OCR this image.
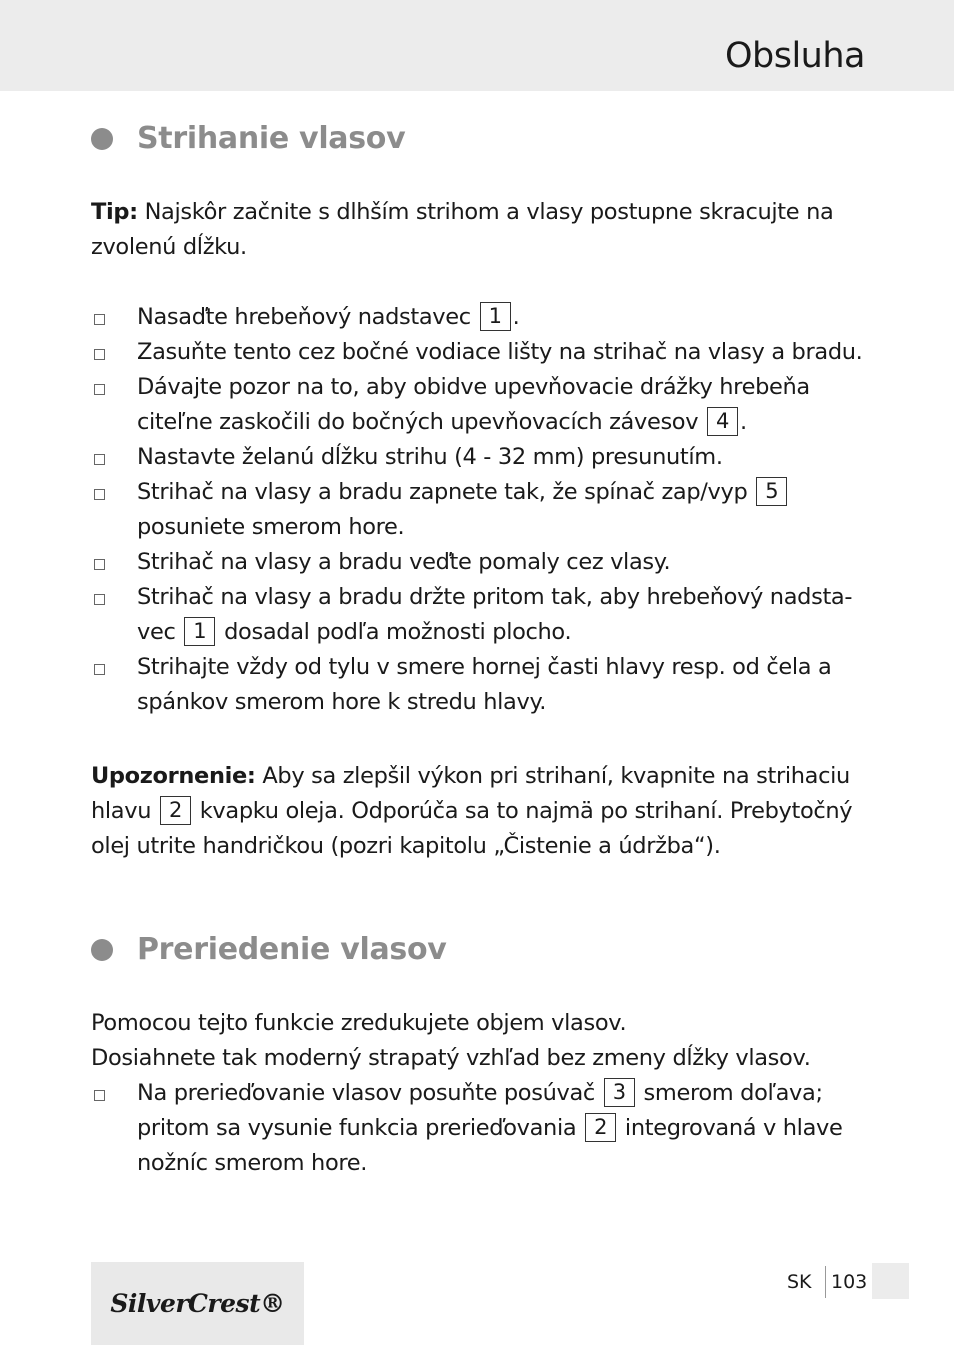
Obsluha
Strihanie vlasov
Tip: Najskôr začnite s dlhším strihom a vlasy postupne skracujte na zvolenú dĺžku.
Nasaďte hrebeňový nadstavec 1 .
Zasuňte tento cez bočné vodiace lišty na strihač na vlasy a bradu.
Dávajte pozor na to, aby obidve upevňovacie drážky hrebeňa citeľne zaskočili do bočných upevňovacích závesov 4 .
Nastavte želanú dĺžku strihu (4 - 32 mm) presunutím.
Strihač na vlasy a bradu zapnete tak, že spínač zap/vyp 5 posuniete smerom hore.
Strihač na vlasy a bradu veďte pomaly cez vlasy.
Strihač na vlasy a bradu držte pritom tak, aby hrebeňový nadstavec 1 dosadal podľa možnosti plocho.
Strihajte vždy od tylu v smere hornej časti hlavy resp. od čela a spánkov smerom hore k stredu hlavy.
Upozornenie: Aby sa zlepšil výkon pri strihaní, kvapnite na strihaciu hlavu 2 kvapku oleja. Odporúča sa to najmä po strihaní. Prebytočný olej utrite handričkou (pozri kapitolu „Čistenie a údržba“).
Preriedenie vlasov
Pomocou tejto funkcie zredukujete objem vlasov.
Dosiahnete tak moderný strapatý vzhľad bez zmeny dĺžky vlasov.
Na prerieďovanie vlasov posuňte posúvač 3 smerom doľava; pritom sa vysunie funkcia prerieďovania 2 integrovaná v hlave nožníc smerom hore.
SilverCrest®
SK 103
